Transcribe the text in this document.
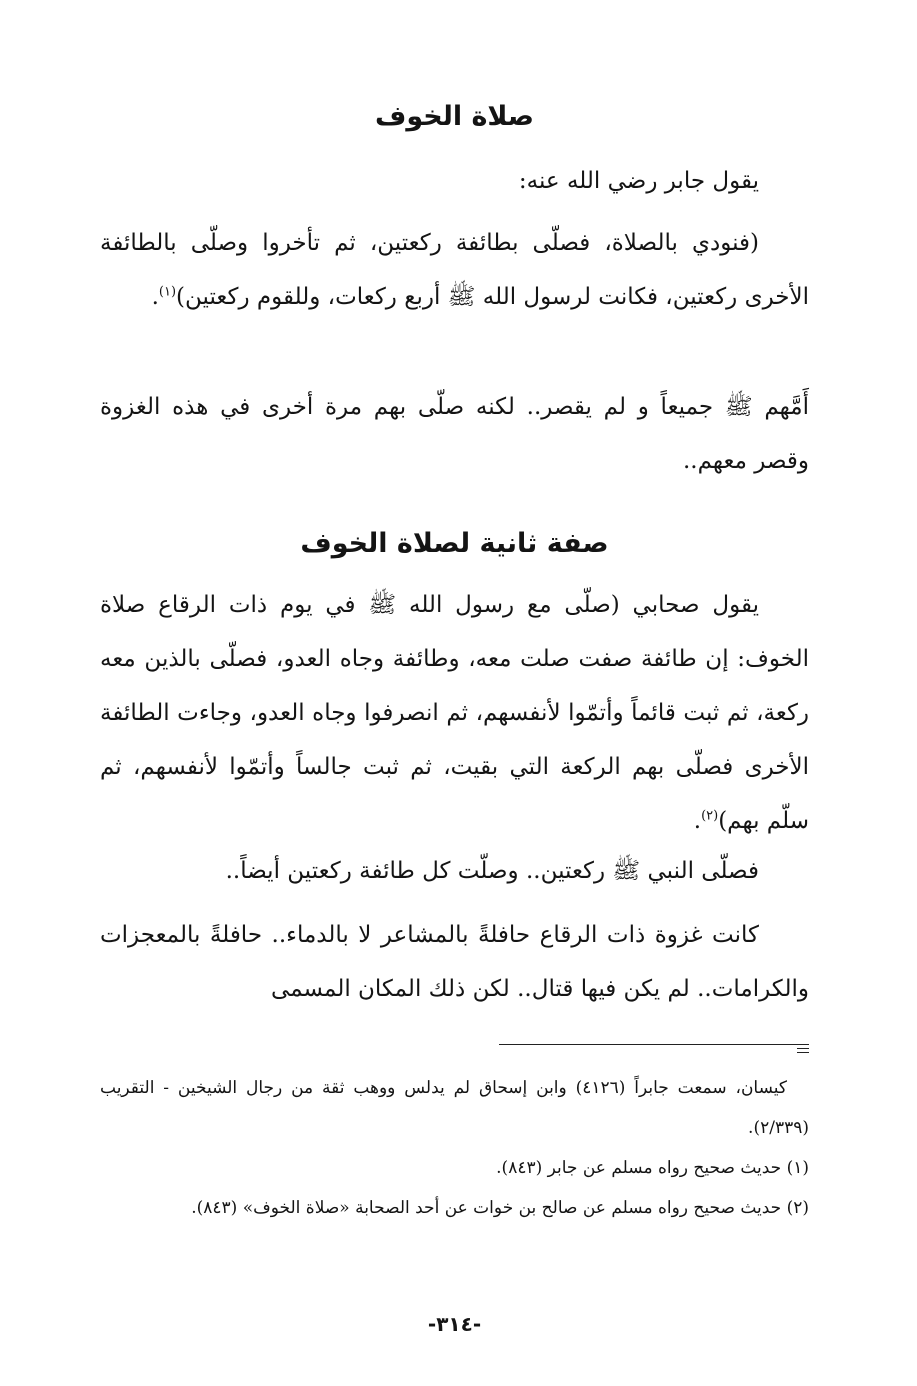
صلاة الخوف
يقول جابر رضي الله عنه:
(فنودي بالصلاة، فصلّى بطائفة ركعتين، ثم تأخروا وصلّى بالطائفة الأخرى ركعتين، فكانت لرسول الله ﷺ أربع ركعات، وللقوم ركعتين)$^{(١)}$.
أَمَّهم ﷺ جميعاً و لم يقصر.. لكنه صلّى بهم مرة أخرى في هذه الغزوة وقصر معهم..
صفة ثانية لصلاة الخوف
يقول صحابي (صلّى مع رسول الله ﷺ في يوم ذات الرقاع صلاة الخوف: إن طائفة صفت صلت معه، وطائفة وجاه العدو، فصلّى بالذين معه ركعة، ثم ثبت قائماً وأتمّوا لأنفسهم، ثم انصرفوا وجاه العدو، وجاءت الطائفة الأخرى فصلّى بهم الركعة التي بقيت، ثم ثبت جالساً وأتمّوا لأنفسهم، ثم سلّم بهم)$^{(٢)}$.
فصلّى النبي ﷺ ركعتين.. وصلّت كل طائفة ركعتين أيضاً..
كانت غزوة ذات الرقاع حافلةً بالمشاعر لا بالدماء.. حافلةً بالمعجزات والكرامات.. لم يكن فيها قتال.. لكن ذلك المكان المسمى

كيسان، سمعت جابراً (٤١٢٦) وابن إسحاق لم يدلس ووهب ثقة من رجال الشيخين - التقريب (٢/٣٣٩).

(١) حديث صحيح رواه مسلم عن جابر (٨٤٣).

(٢) حديث صحيح رواه مسلم عن صالح بن خوات عن أحد الصحابة «صلاة الخوف» (٨٤٣).

-٣١٤-
